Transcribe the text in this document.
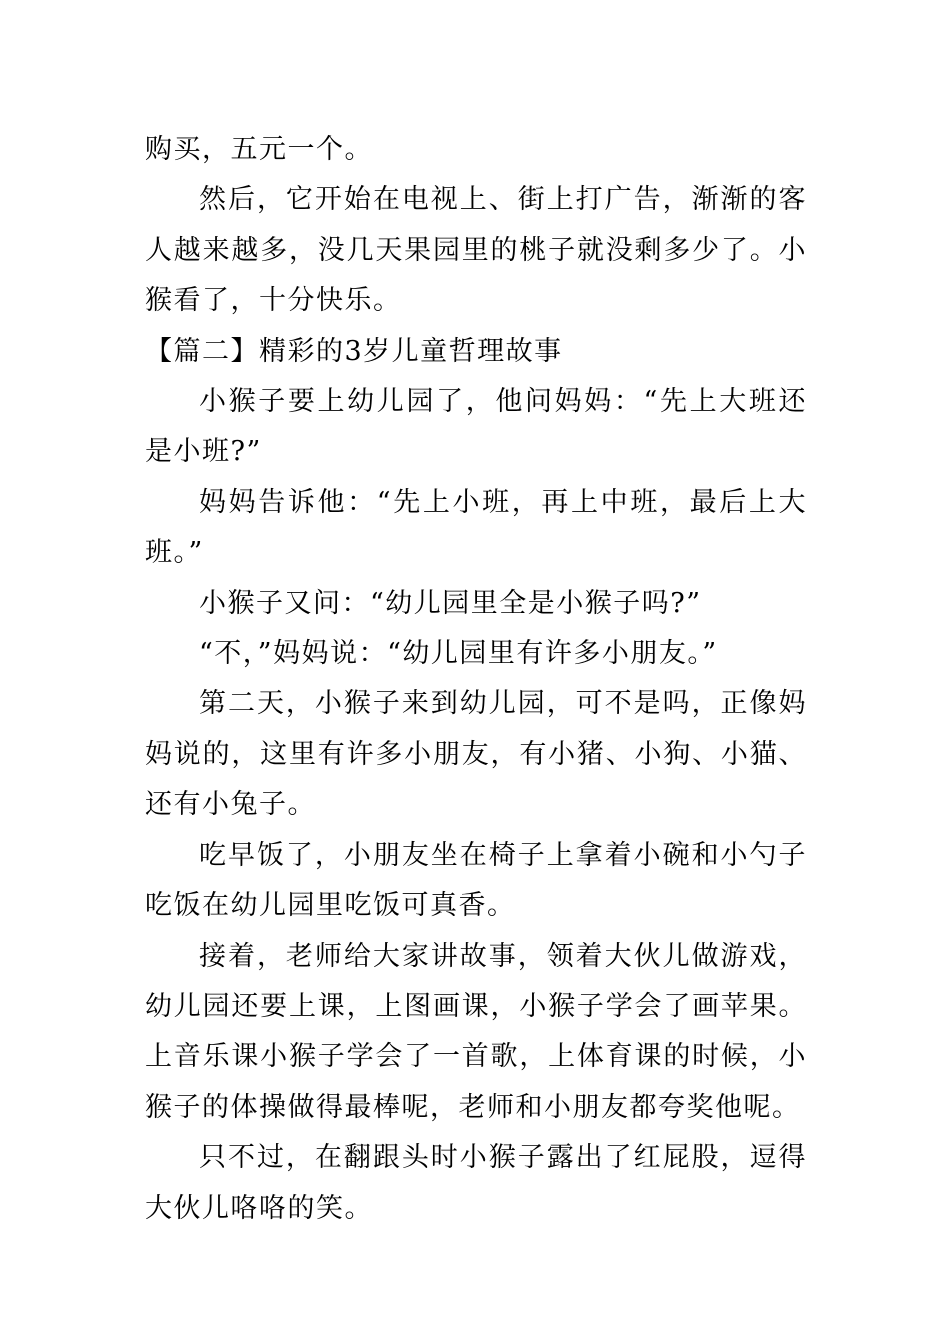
购买，五元一个。

然后，它开始在电视上、街上打广告，渐渐的客人越来越多，没几天果园里的桃子就没剩多少了。小猴看了，十分快乐。

【篇二】精彩的3岁儿童哲理故事

小猴子要上幼儿园了，他问妈妈：“先上大班还是小班?”

妈妈告诉他：“先上小班，再上中班，最后上大班。”

小猴子又问：“幼儿园里全是小猴子吗?”

“不，”妈妈说：“幼儿园里有许多小朋友。”

第二天，小猴子来到幼儿园，可不是吗，正像妈妈说的，这里有许多小朋友，有小猪、小狗、小猫、还有小兔子。

吃早饭了，小朋友坐在椅子上拿着小碗和小勺子吃饭在幼儿园里吃饭可真香。

接着，老师给大家讲故事，领着大伙儿做游戏，幼儿园还要上课，上图画课，小猴子学会了画苹果。上音乐课小猴子学会了一首歌，上体育课的时候，小猴子的体操做得最棒呢，老师和小朋友都夸奖他呢。

只不过，在翻跟头时小猴子露出了红屁股，逗得大伙儿咯咯的笑。
